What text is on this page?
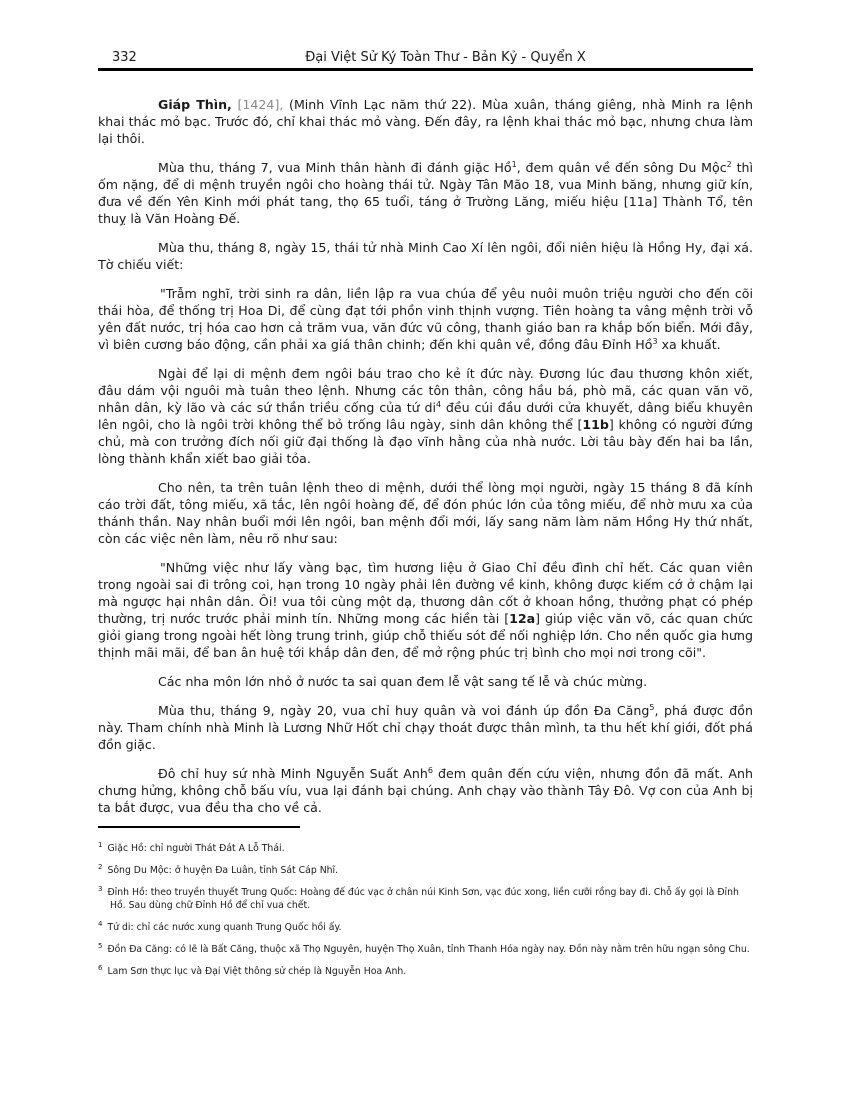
332	Đại Việt Sử Ký Toàn Thư - Bản Kỷ - Quyển X

Giáp Thìn, [1424], (Minh Vĩnh Lạc năm thứ 22). Mùa xuân, tháng giêng, nhà Minh ra lệnh khai thác mỏ bạc. Trước đó, chỉ khai thác mỏ vàng. Đến đây, ra lệnh khai thác mỏ bạc, nhưng chưa làm lại thôi.

Mùa thu, tháng 7, vua Minh thân hành đi đánh giặc Hồ$^1$, đem quân về đến sông Du Mộc$^2$ thì ốm nặng, để di mệnh truyền ngôi cho hoàng thái tử. Ngày Tân Mão 18, vua Minh băng, nhưng giữ kín, đưa về đến Yên Kinh mới phát tang, thọ 65 tuổi, táng ở Trường Lăng, miếu hiệu [11a] Thành Tổ, tên thuỵ là Văn Hoàng Đế.

Mùa thu, tháng 8, ngày 15, thái tử nhà Minh Cao Xí lên ngôi, đổi niên hiệu là Hồng Hy, đại xá. Tờ chiếu viết:

"Trẫm nghĩ, trời sinh ra dân, liền lập ra vua chúa để yêu nuôi muôn triệu người cho đến cõi thái hòa, để thống trị Hoa Di, để cùng đạt tới phồn vinh thịnh vượng. Tiên hoàng ta vâng mệnh trời vỗ yên đất nước, trị hóa cao hơn cả trăm vua, văn đức vũ công, thanh giáo ban ra khắp bốn biển. Mới đây, vì biên cương báo động, cần phải xa giá thân chinh; đến khi quân về, đồng đâu Đỉnh Hồ$^3$ xa khuất.

Ngài để lại di mệnh đem ngôi báu trao cho kẻ ít đức này. Đương lúc đau thương khôn xiết, đâu dám vội nguôi mà tuân theo lệnh. Nhưng các tôn thân, công hầu bá, phò mã, các quan văn võ, nhân dân, kỳ lão và các sứ thần triều cống của tứ $di^4$ đều cúi đầu dưới cửa khuyết, dâng biểu khuyên lên ngôi, cho là ngôi trời không thể bỏ trống lâu ngày, sinh dân không thể [11b] không có người đứng chủ, mà con trưởng đích nối giữ đại thống là đạo vĩnh hằng của nhà nước. Lời tâu bày đến hai ba lần, lòng thành khẩn xiết bao giải tỏa.

Cho nên, ta trên tuân lệnh theo di mệnh, dưới thể lòng mọi người, ngày 15 tháng 8 đã kính cáo trời đất, tông miếu, xã tắc, lên ngôi hoàng đế, để đón phúc lớn của tông miếu, để nhờ mưu xa của thánh thần. Nay nhân buổi mới lên ngôi, ban mệnh đổi mới, lấy sang năm làm năm Hồng Hy thứ nhất, còn các việc nên làm, nêu rõ như sau:

"Những việc như lấy vàng bạc, tìm hương liệu ở Giao Chỉ đều đình chỉ hết. Các quan viên trong ngoài sai đi trông coi, hạn trong 10 ngày phải lên đường về kinh, không được kiếm cớ ở chậm lại mà ngược hại nhân dân. Ôi! vua tôi cùng một dạ, thương dân cốt ở khoan hồng, thưởng phạt có phép thường, trị nước trước phải minh tín. Những mong các hiền tài [12a] giúp việc văn võ, các quan chức giỏi giang trong ngoài hết lòng trung trinh, giúp chỗ thiếu sót để nối nghiệp lớn. Cho nền quốc gia hưng thịnh mãi mãi, để ban ân huệ tới khắp dân đen, để mở rộng phúc trị bình cho mọi nơi trong cõi".

Các nha môn lớn nhỏ ở nước ta sai quan đem lễ vật sang tế lễ và chúc mừng.

Mùa thu, tháng 9, ngày 20, vua chỉ huy quân và voi đánh úp đồn Đa Căng$^5$, phá được đồn này. Tham chính nhà Minh là Lương Nhữ Hốt chỉ chạy thoát được thân mình, ta thu hết khí giới, đốt phá đồn giặc.

Đô chỉ huy sứ nhà Minh Nguyễn Suất Anh$^6$ đem quân đến cứu viện, nhưng đồn đã mất. Anh chưng hửng, không chỗ bấu víu, vua lại đánh bại chúng. Anh chạy vào thành Tây Đô. Vợ con của Anh bị ta bắt được, vua đều tha cho về cả.

$^1$ Giặc Hồ: chỉ người Thát Đát A Lỗ Thái.
$^2$ Sông Du Mộc: ở huyện Đa Luân, tỉnh Sát Cáp Nhĩ.
$^3$ Đỉnh Hồ: theo truyền thuyết Trung Quốc: Hoàng đế đúc vạc ở chân núi Kinh Sơn, vạc đúc xong, liền cưỡi rồng bay đi. Chỗ ấy gọi là Đỉnh Hồ. Sau dùng chữ Đỉnh Hồ để chỉ vua chết.
$^4$ Tứ di: chỉ các nước xung quanh Trung Quốc hồi ấy.
$^5$ Đồn Đa Căng: có lẽ là Bất Căng, thuộc xã Thọ Nguyên, huyện Thọ Xuân, tỉnh Thanh Hóa ngày nay. Đồn này nằm trên hữu ngạn sông Chu.
$^6$ Lam Sơn thực lục và Đại Việt thông sử chép là Nguyễn Hoa Anh.
